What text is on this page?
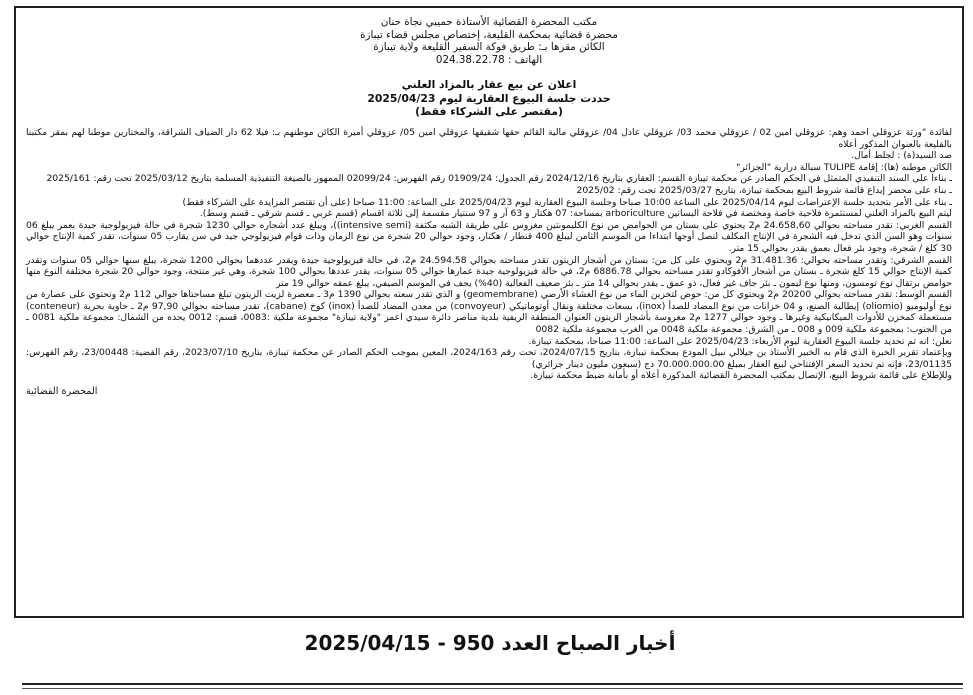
مكتب المحضرة القضائية الأستاذة حميبي نجاة حنان
محضرة قضائية بمحكمة القليعة، إختصاص مجلس قضاء تيبازة
الكائن مقرها بـ: طريق فوكة السفير القليعة ولاية تيبازة
الهاتف : 024.38.22.78
اعلان عن بيع عقار بالمزاد العلني
حددت جلسة البيوع العقارية ليوم 2025/04/23
(مقتصر على الشركاء فقط)

لفائدة "ورثة عزوقلي احمد وهم: عزوقلي امين 02 / عزوقلي محمد 03/ عزوقلي عادل 04/ عزوقلي مالية القائم حقها شقيقها عزوقلي امين 05/ عزوقلي أميرة الكائن موطنهم بـ: فيلا 62 دار الضياف الشراقة، والمختارين موطنا لهم بمقر مكتبنا بالقليعة بالعنوان المذكور أعلاه

ضد السيد(ة) : لجلط أمال.

الكائن موطنه (ها): إقامة TULIPE سبالة درارية "الجزائر"

ـ بناءا على السند التنفيذي المتمثل في الحكم الصادر عن محكمة تيبازة القسم: العقاري بتاريخ 2024/12/16 رقم الجدول: 01909/24 رقم الفهرس: 02099/24 الممهور بالصيغة التنفيذية المسلمة بتاريخ 2025/03/12 تحت رقم: 2025/161

ـ بناء على محضر إيداع قائمة شروط البيع بمحكمة تيبازة، بتاريخ 2025/03/27 تحت رقم: 2025/02

ـ بناء على الأمر بتحديد جلسة الإعتراضات ليوم 2025/04/14 على الساعة 10:00 صباحا وجلسة البيوع العقارية ليوم 2025/04/23 على الساعة: 11:00 صباحا (على أن تقتصر المزايدة على الشركاء فقط)

ليتم البيع بالمزاد العلني لمستثمرة فلاحية خاصة ومختصة في فلاحة البساتين arboriculture بمساحة: 07 هكتار و 63 آر و 97 سنتيار مقسمة إلى ثلاثة اقسام (قسم غربي ـ قسم شرقي ـ قسم وسط).

القسم الغربي: تقدر مساحته بحوالي 24.658,60 م2 يحتوي على بستان من الحوامض من نوع الكليمونتين مغروس على طريقة الشبه مكثفة (intensive semi))، ويبلغ عدد أشجاره حوالي 1230 شجرة في حالة فيزيولوجية جيدة بعمر يبلغ 06 سنوات وهو السن الذي تدخل فيه الشجرة في الإنتاج المكلف لتصل أوجها ابتداءا من الموسم الثامن ليبلغ 400 قنطار / هكتار، وجود حوالي 20 شجرة من نوع الرمان وذات قوام فيزيولوجي جيد في سن يقارب 05 سنوات، تقدر كمية الإنتاج حوالي 30 كلغ / شجرة، وجود بئر فعال بعمق يقدر بحوالي 15 متر.

القسم الشرقي: وتقدر مساحته بحوالي: 31.481.36 م2 ويحتوي على كل من: بستان من أشجار الزيتون تقدر مساحته بحوالي 24.594.58 م2، في حالة فيزيولوجية جيدة ويقدر عددهما بحوالي 1200 شجرة، يبلغ سنها حوالي 05 سنوات وتقدر كمية الإنتاج حوالي 15 كلغ شجرة ـ بستان من أشجار الأفوكادو تقدر مساحته بحوالي 6886.78 م2، في حالة فيزيولوجية جيدة عمارها حوالي 05 سنوات، يقدر عددها بحوالي 100 شجرة، وهي غير منتجة، وجود حوالي 20 شجرة مختلفة النوع منها حوامض برتقال نوع تومسون، ومنها نوع ليمون ـ بئر جاف غير فعال، ذو عمق ـ يقدر بحوالي 14 متر ـ بئر ضعيف الفعالية (40%) يجف في الموسم الصيفي، يبلغ عمقه حوالي 19 متر

القسم الوسط: تقدر مساحته بحوالي 20200 م2 ويحتوي كل من: حوض لتخزين الماء من نوع الغشاء الأرضي (geomembrane) و الذي تقدر سعته بحوالي 1390 م3 ـ معصرة لزيت الزيتون تبلغ مساحتاها حوالي 112 م2 وتحتوي على عصارة من نوع أوليوميو (oliomio) إيطالية الصنع، و 04 خزانات من نوع المضاد للصدأ (inox)، بسعات مختلفة ونقال أوتوماتيكي (convoyeur) من معدن المضاد للصدأ (inox) كوخ (cabane)، تقدر مساحته بحوالي 97,90 م2 ـ حاوية بحرية (conteneur) مستعملة كمخزن للأدوات الميكانيكية وغيرها ـ وجود حوالي 1277 م2 مغروسة بأشجار الزيتون العنوان المنطقة الريفية بلدية مناصر دائرة سيدي اعمر "ولاية تيبازة" مجموعة ملكية :0083، قسم: 0012 يحده من الشمال: مجموعة ملكية 0081 ـ من الجنوب: بمجموعة ملكية 009 و 008 ـ من الشرق: مجموعة ملكية 0048 من الغرب مجموعة ملكية 0082

نعلن: انه تم تحديد جلسة البيوع العقارية ليوم الأربعاء: 2025/04/23 على الساعة: 11:00 صباحا، بمحكمة تيبازة.

وبإعتماد تقرير الخبرة الذي قام به الخبير الأستاذ بن جيلالي نبيل المودع بمحكمة تيبازة، بتاريخ 2024/07/15، تحت رقم 2024/163، المعين بموجب الحكم الصادر عن محكمة تيبازة، بتاريخ 2023/07/10، رقم القضية: 23/00448، رقم الفهرس: 23/01135، فإنه تم تحديد السعر الإفتتاحي لبيع العقار بمبلغ 70.000.000.00 دج (سبعون مليون دينار جزائري)

وللإطلاع على قائمة شروط البيع، الإتصال بمكتب المحضرة القضائية المذكورة أعلاه أو بأمانة ضبط محكمة تيبازة.

المحضرة القضائية
أخبار الصباح العدد 950 - 2025/04/15
